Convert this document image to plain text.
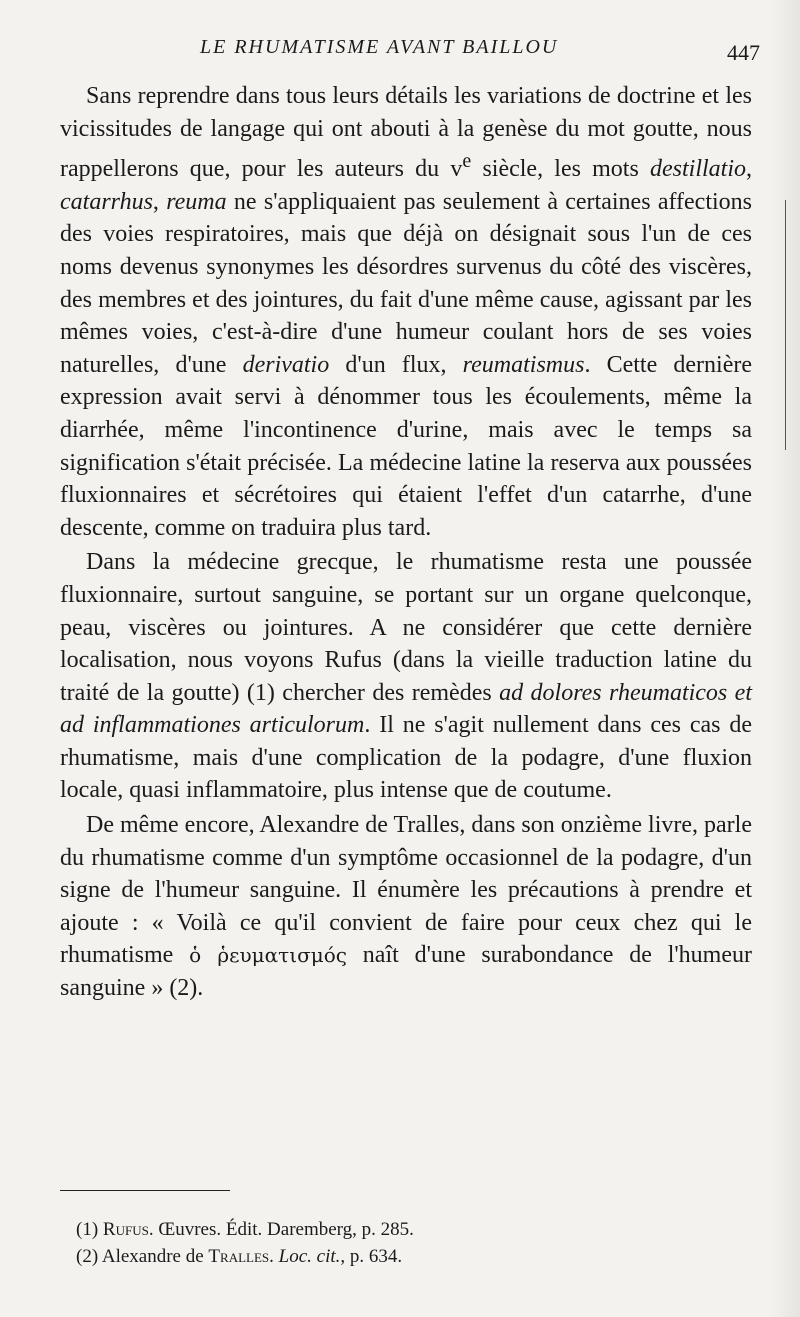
LE RHUMATISME AVANT BAILLOU	447

Sans reprendre dans tous leurs détails les variations de doctrine et les vicissitudes de langage qui ont abouti à la genèse du mot goutte, nous rappellerons que, pour les auteurs du $v^e$ siècle, les mots destillatio, catarrhus, reuma ne s'appliquaient pas seulement à certaines affections des voies respiratoires, mais que déjà on désignait sous l'un de ces noms devenus synonymes les désordres survenus du côté des viscères, des membres et des jointures, du fait d'une même cause, agissant par les mêmes voies, c'est-à-dire d'une humeur coulant hors de ses voies naturelles, d'une derivatio d'un flux, reumatismus. Cette dernière expression avait servi à dénommer tous les écoulements, même la diarrhée, même l'incontinence d'urine, mais avec le temps sa signification s'était précisée. La médecine latine la reserva aux poussées fluxionnaires et sécrétoires qui étaient l'effet d'un catarrhe, d'une descente, comme on traduira plus tard.

Dans la médecine grecque, le rhumatisme resta une poussée fluxionnaire, surtout sanguine, se portant sur un organe quelconque, peau, viscères ou jointures. A ne considérer que cette dernière localisation, nous voyons Rufus (dans la vieille traduction latine du traité de la goutte) (1) chercher des remèdes ad dolores rheumaticos et ad inflammationes articulorum. Il ne s'agit nullement dans ces cas de rhumatisme, mais d'une complication de la podagre, d'une fluxion locale, quasi inflammatoire, plus intense que de coutume.

De même encore, Alexandre de Tralles, dans son onzième livre, parle du rhumatisme comme d'un symptôme occasionnel de la podagre, d'un signe de l'humeur sanguine. Il énumère les précautions à prendre et ajoute : « Voilà ce qu'il convient de faire pour ceux chez qui le rhumatisme ὁ ῥευματισμός naît d'une surabondance de l'humeur sanguine » (2).

(1) Rufus. Œuvres. Édit. Daremberg, p. 285.

(2) Alexandre de Tralles. Loc. cit., p. 634.
